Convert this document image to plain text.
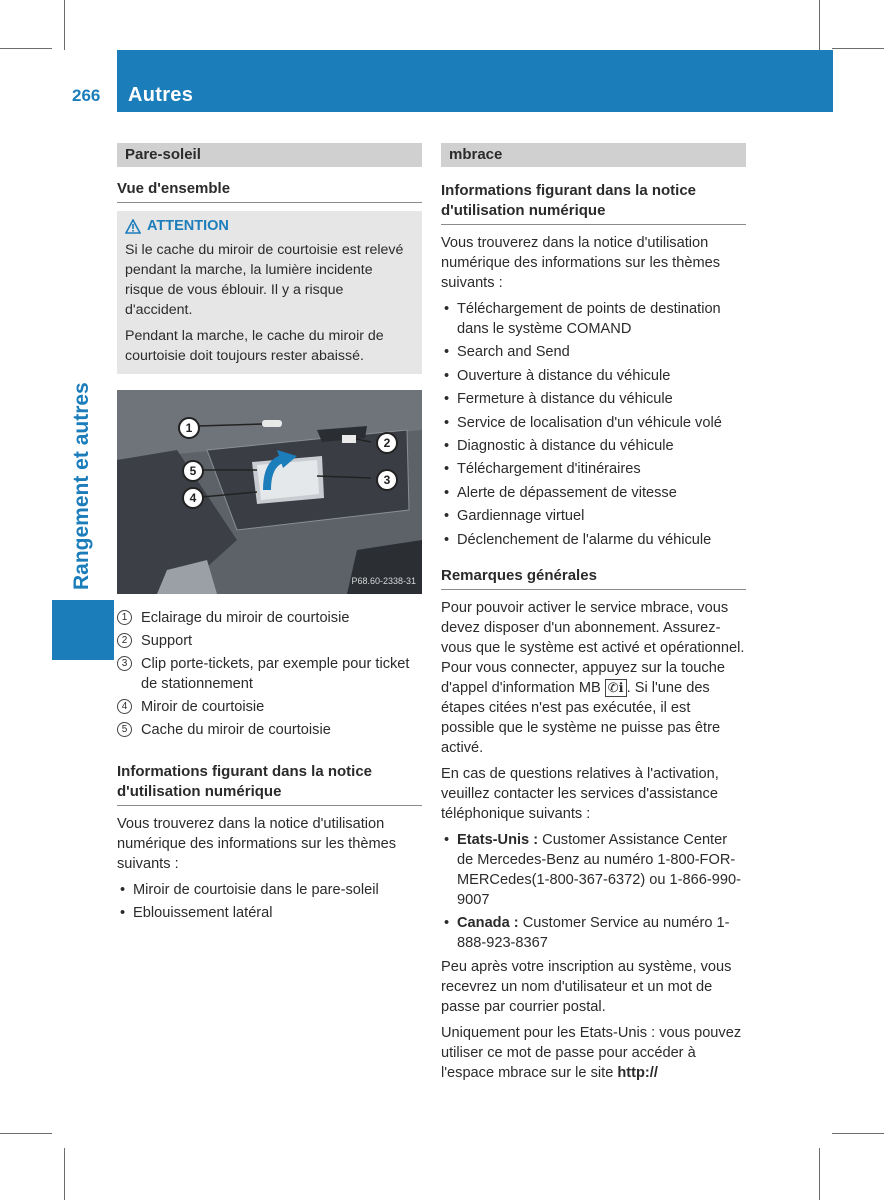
266 Autres
Rangement et autres
Pare-soleil
Vue d'ensemble
ATTENTION

Si le cache du miroir de courtoisie est relevé pendant la marche, la lumière incidente risque de vous éblouir. Il y a risque d'accident.

Pendant la marche, le cache du miroir de courtoisie doit toujours rester abaissé.

1
2
3
5
4
P68.60-2338-31
1 Eclairage du miroir de courtoisie
2 Support
3 Clip porte-tickets, par exemple pour ticket de stationnement
4 Miroir de courtoisie
5 Cache du miroir de courtoisie
Informations figurant dans la notice d'utilisation numérique

Vous trouverez dans la notice d'utilisation numérique des informations sur les thèmes suivants :

• Miroir de courtoisie dans le pare-soleil
• Eblouissement latéral
mbrace
Informations figurant dans la notice d'utilisation numérique

Vous trouverez dans la notice d'utilisation numérique des informations sur les thèmes suivants :

• Téléchargement de points de destination dans le système COMAND
• Search and Send
• Ouverture à distance du véhicule
• Fermeture à distance du véhicule
• Service de localisation d'un véhicule volé
• Diagnostic à distance du véhicule
• Téléchargement d'itinéraires
• Alerte de dépassement de vitesse
• Gardiennage virtuel
• Déclenchement de l'alarme du véhicule
Remarques générales

Pour pouvoir activer le service mbrace, vous devez disposer d'un abonnement. Assurez-vous que le système est activé et opérationnel. Pour vous connecter, appuyez sur la touche d'appel d'information MB ✆ℹ . Si l'une des étapes citées n'est pas exécutée, il est possible que le système ne puisse pas être activé.

En cas de questions relatives à l'activation, veuillez contacter les services d'assistance téléphonique suivants :

• Etats-Unis : Customer Assistance Center de Mercedes-Benz au numéro 1-800-FOR-MERCedes(1-800-367-6372) ou 1-866-990-9007
• Canada : Customer Service au numéro 1-888-923-8367

Peu après votre inscription au système, vous recevrez un nom d'utilisateur et un mot de passe par courrier postal.

Uniquement pour les Etats-Unis : vous pouvez utiliser ce mot de passe pour accéder à l'espace mbrace sur le site http://
